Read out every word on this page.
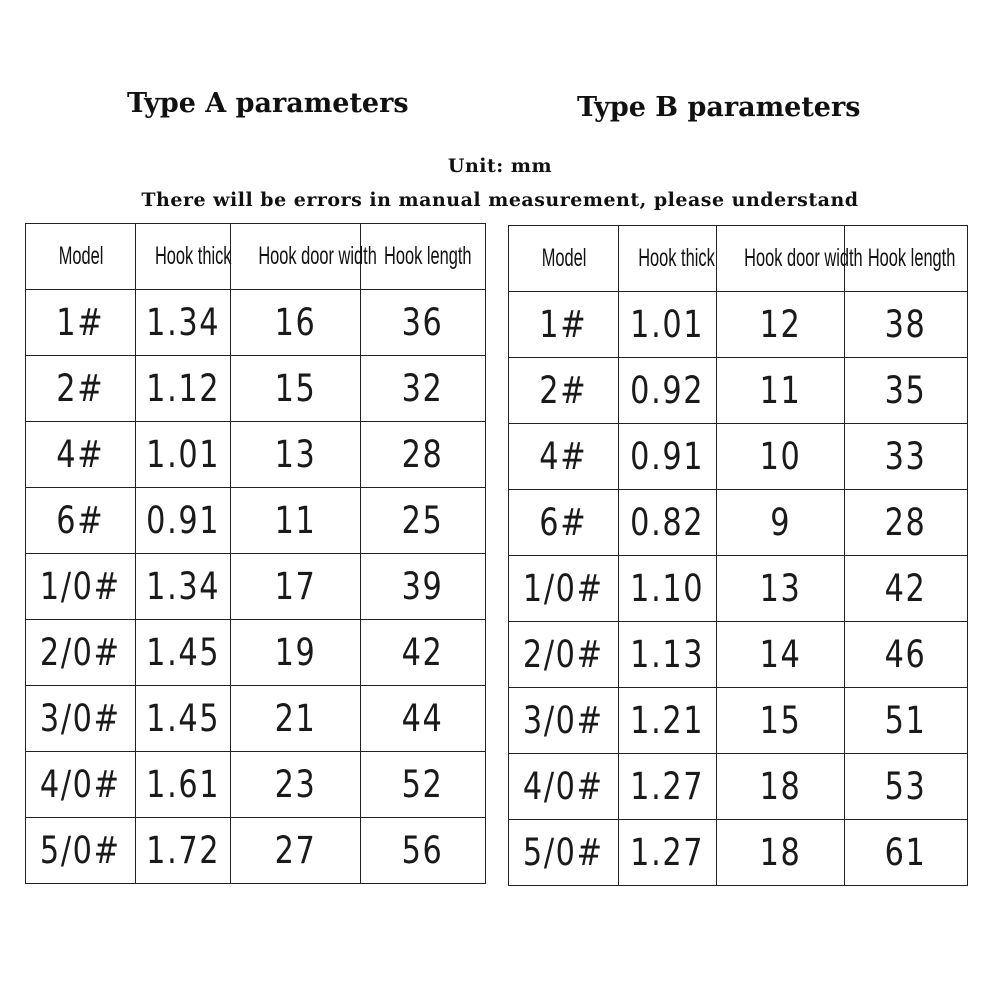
Type A parameters	Type B parameters
Unit: mm
There will be errors in manual measurement, please understand
Model	Hook thick	Hook door width	Hook length
1#	1.34	16	36
2#	1.12	15	32
4#	1.01	13	28
6#	0.91	11	25
1/0#	1.34	17	39
2/0#	1.45	19	42
3/0#	1.45	21	44
4/0#	1.61	23	52
5/0#	1.72	27	56
Model	Hook thick	Hook door width	Hook length
1#	1.01	12	38
2#	0.92	11	35
4#	0.91	10	33
6#	0.82	9	28
1/0#	1.10	13	42
2/0#	1.13	14	46
3/0#	1.21	15	51
4/0#	1.27	18	53
5/0#	1.27	18	61
